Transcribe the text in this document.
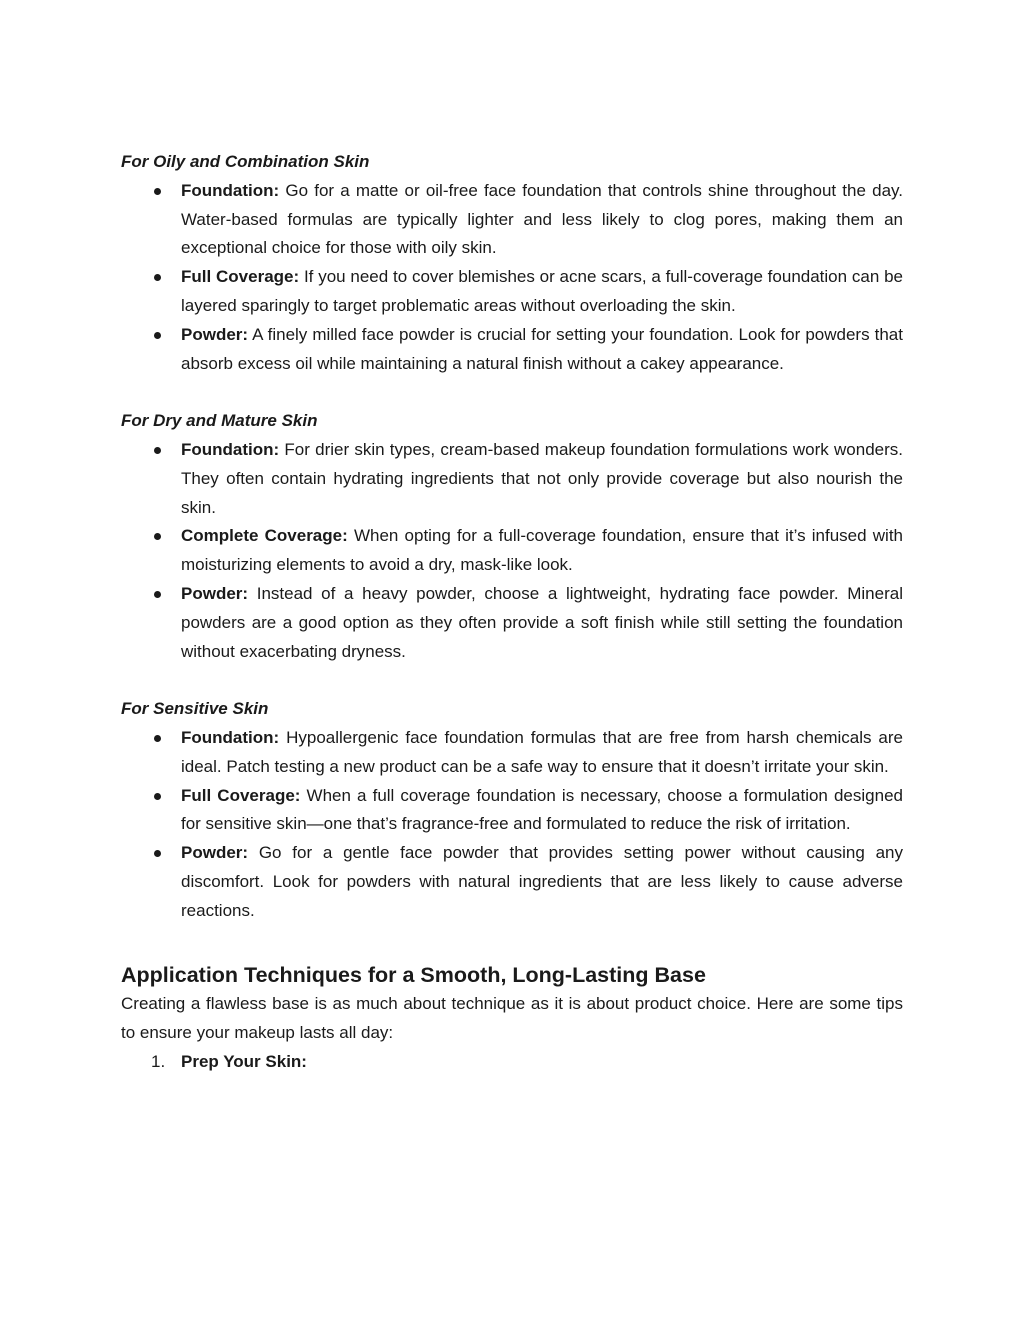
For Oily and Combination Skin

Foundation: Go for a matte or oil-free face foundation that controls shine throughout the day. Water-based formulas are typically lighter and less likely to clog pores, making them an exceptional choice for those with oily skin.
Full Coverage: If you need to cover blemishes or acne scars, a full-coverage foundation can be layered sparingly to target problematic areas without overloading the skin.
Powder: A finely milled face powder is crucial for setting your foundation. Look for powders that absorb excess oil while maintaining a natural finish without a cakey appearance.

For Dry and Mature Skin

Foundation: For drier skin types, cream-based makeup foundation formulations work wonders. They often contain hydrating ingredients that not only provide coverage but also nourish the skin.
Complete Coverage: When opting for a full-coverage foundation, ensure that it’s infused with moisturizing elements to avoid a dry, mask-like look.
Powder: Instead of a heavy powder, choose a lightweight, hydrating face powder. Mineral powders are a good option as they often provide a soft finish while still setting the foundation without exacerbating dryness.

For Sensitive Skin

Foundation: Hypoallergenic face foundation formulas that are free from harsh chemicals are ideal. Patch testing a new product can be a safe way to ensure that it doesn’t irritate your skin.
Full Coverage: When a full coverage foundation is necessary, choose a formulation designed for sensitive skin—one that’s fragrance-free and formulated to reduce the risk of irritation.
Powder: Go for a gentle face powder that provides setting power without causing any discomfort. Look for powders with natural ingredients that are less likely to cause adverse reactions.
Application Techniques for a Smooth, Long-Lasting Base

Creating a flawless base is as much about technique as it is about product choice. Here are some tips to ensure your makeup lasts all day:

1. Prep Your Skin:
